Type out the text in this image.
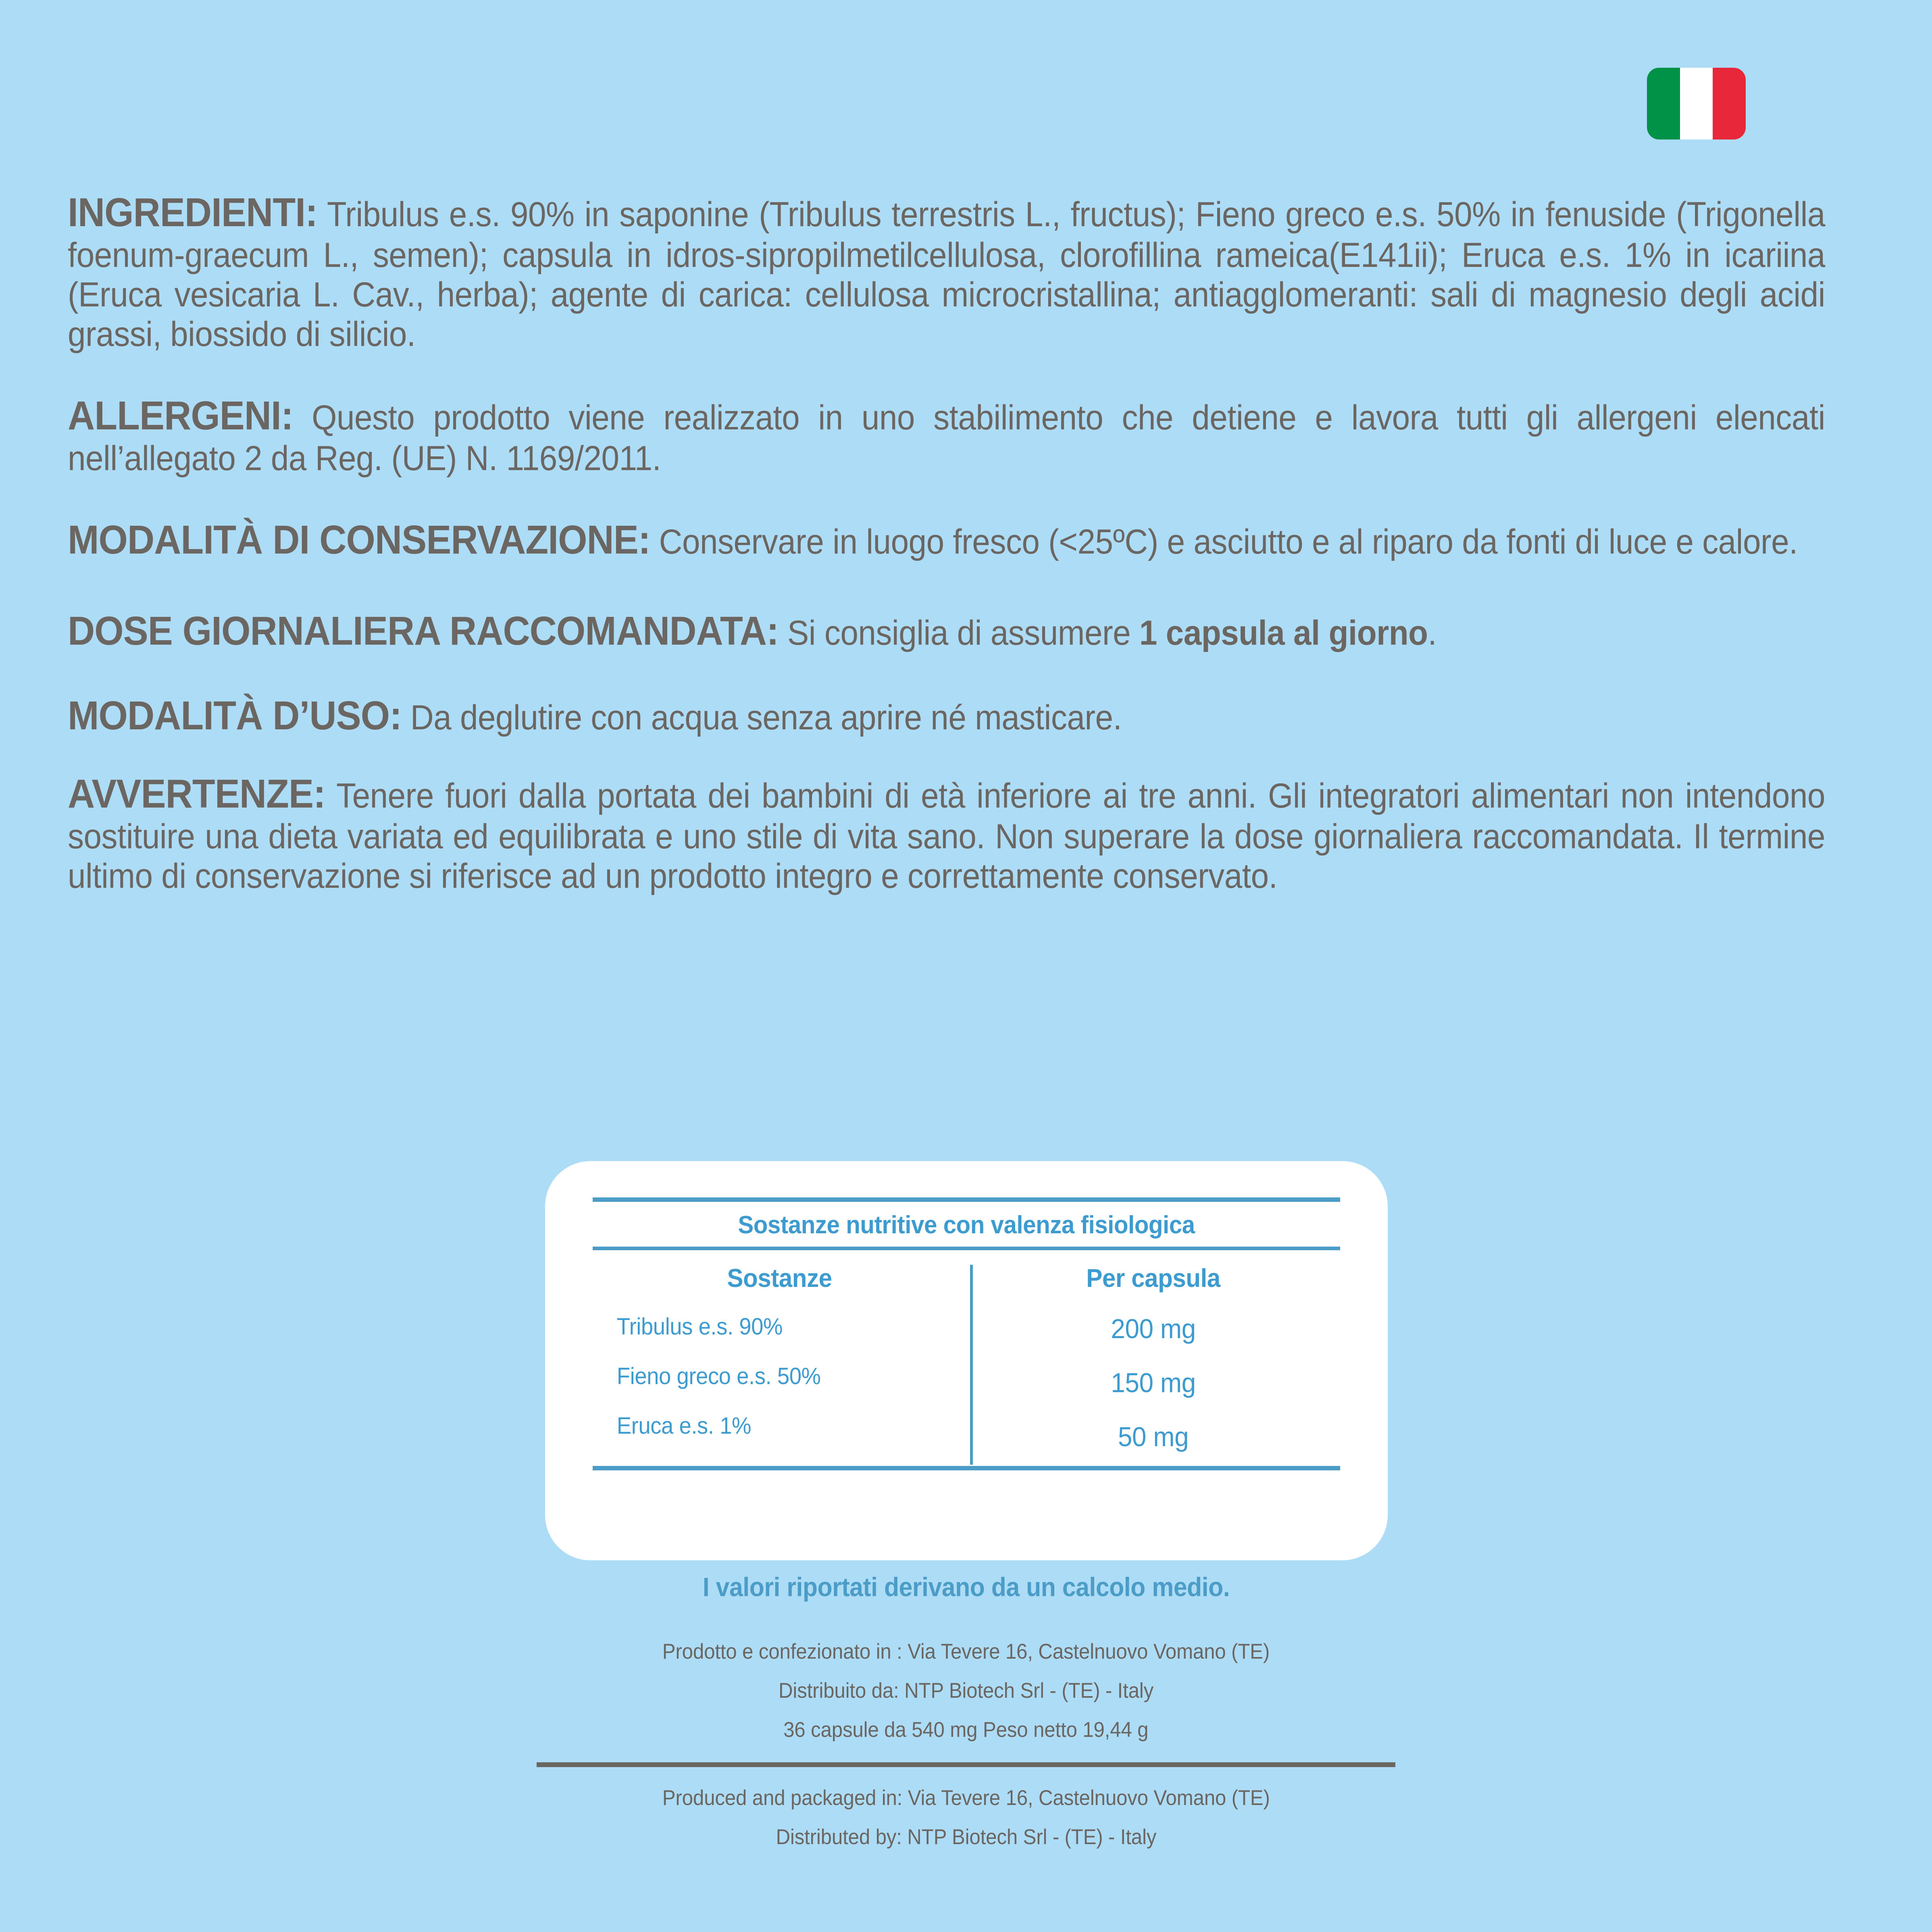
INGREDIENTI: Tribulus e.s. 90% in saponine (Tribulus terrestris L., fructus); Fieno greco e.s. 50% in fenuside (Trigonella foenum-graecum L., semen); capsula in idros-sipropilmetilcellulosa, clorofillina rameica(E141ii); Eruca e.s. 1% in icariina (Eruca vesicaria L. Cav., herba); agente di carica: cellulosa microcristallina; antiagglomeranti: sali di magnesio degli acidi grassi, biossido di silicio.

ALLERGENI: Questo prodotto viene realizzato in uno stabilimento che detiene e lavora tutti gli allergeni elencati nell’allegato 2 da Reg. (UE) N. 1169/2011.

MODALITÀ DI CONSERVAZIONE: Conservare in luogo fresco (<25ºC) e asciutto e al riparo da fonti di luce e calore.

DOSE GIORNALIERA RACCOMANDATA: Si consiglia di assumere 1 capsula al giorno.

MODALITÀ D’USO: Da deglutire con acqua senza aprire né masticare.

AVVERTENZE: Tenere fuori dalla portata dei bambini di età inferiore ai tre anni. Gli integratori alimentari non intendono sostituire una dieta variata ed equilibrata e uno stile di vita sano. Non superare la dose giornaliera raccomandata. Il termine ultimo di conservazione si riferisce ad un prodotto integro e correttamente conservato.

Sostanze nutritive con valenza fisiologica
Sostanze
Tribulus e.s. 90%
Fieno greco e.s. 50%
Eruca e.s. 1%
Per capsula
200 mg
150 mg
50 mg
I valori riportati derivano da un calcolo medio.
Prodotto e confezionato in : Via Tevere 16, Castelnuovo Vomano (TE)
Distribuito da: NTP Biotech Srl - (TE) - Italy
36 capsule da 540 mg Peso netto 19,44 g
Produced and packaged in: Via Tevere 16, Castelnuovo Vomano (TE)
Distributed by: NTP Biotech Srl - (TE) - Italy
